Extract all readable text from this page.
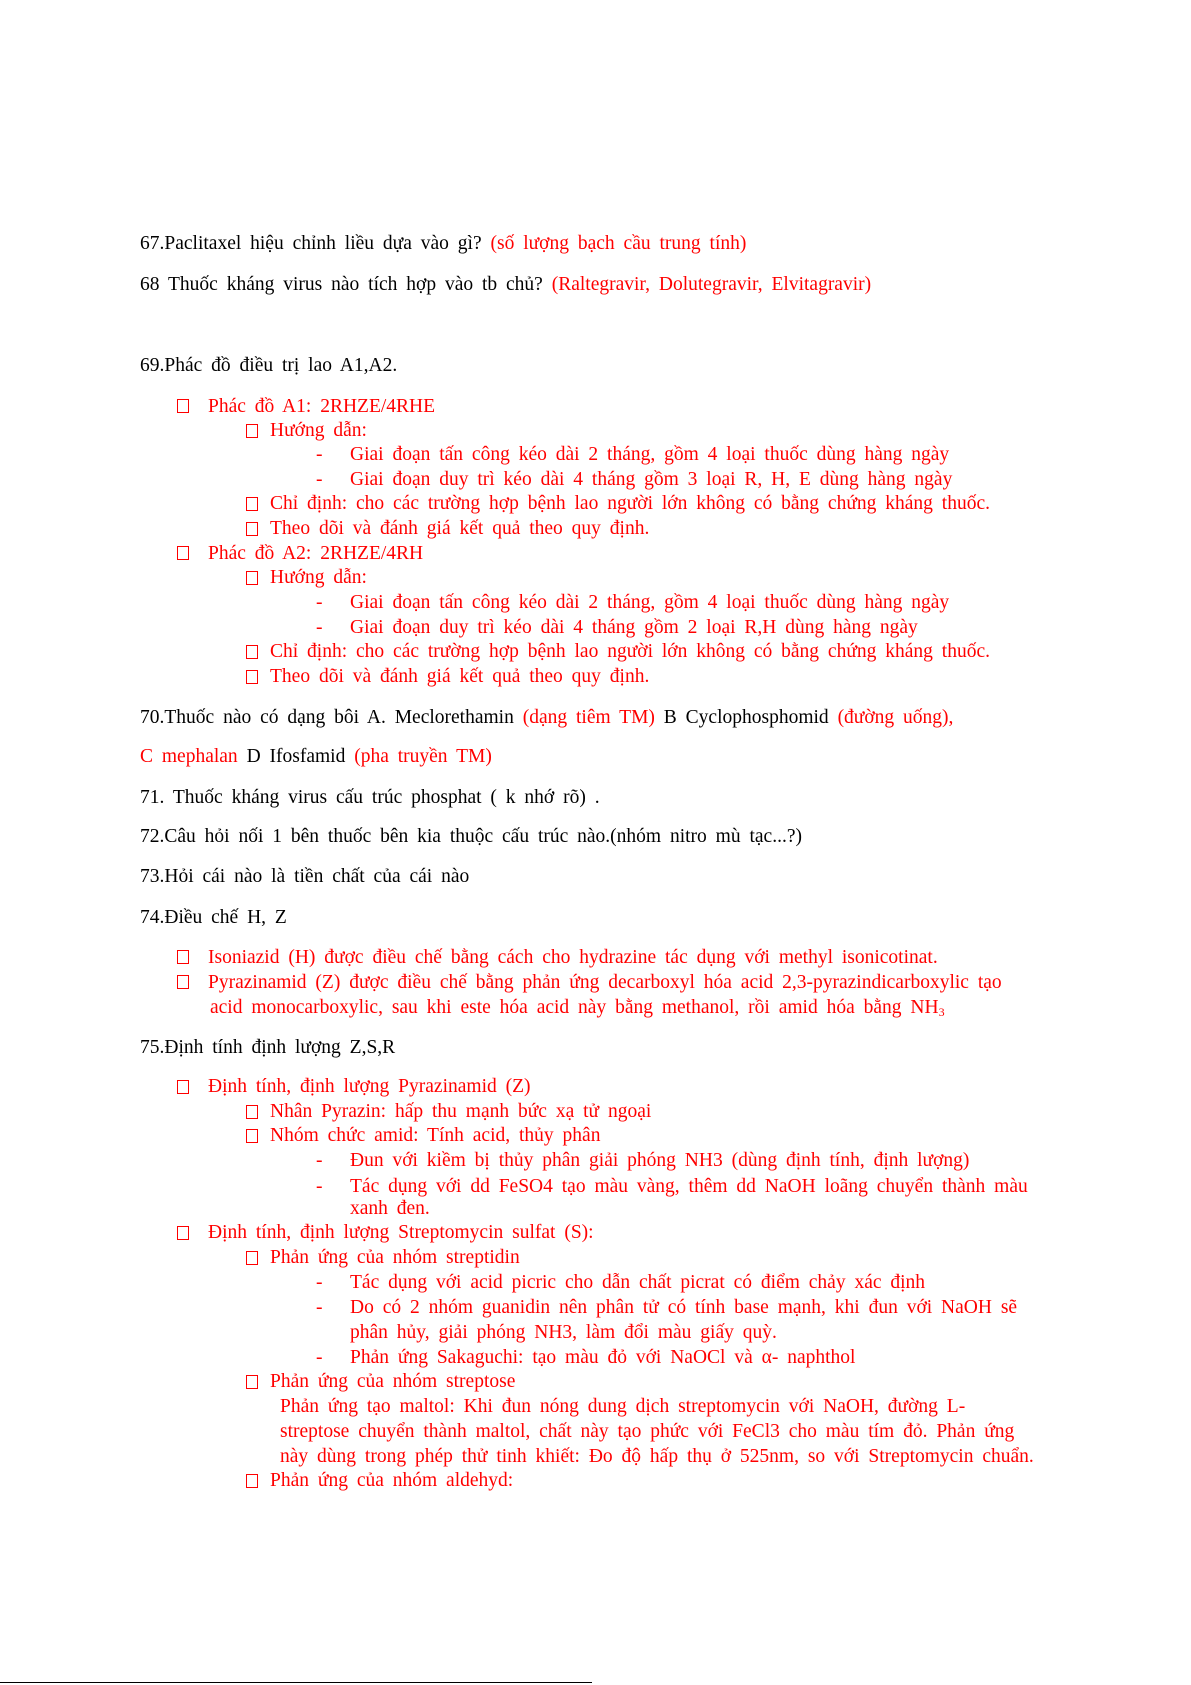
67.Paclitaxel hiệu chỉnh liều dựa vào gì? (số lượng bạch cầu trung tính)
68 Thuốc kháng virus nào tích hợp vào tb chủ? (Raltegravir, Dolutegravir, Elvitagravir)
69.Phác đồ điều trị lao A1,A2.
Phác đồ A1: 2RHZE/4RHE
Hướng dẫn:
- Giai đoạn tấn công kéo dài 2 tháng, gồm 4 loại thuốc dùng hàng ngày
- Giai đoạn duy trì kéo dài 4 tháng gồm 3 loại R, H, E dùng hàng ngày
Chỉ định: cho các trường hợp bệnh lao người lớn không có bằng chứng kháng thuốc.
Theo dõi và đánh giá kết quả theo quy định.
Phác đồ A2: 2RHZE/4RH
Hướng dẫn:
- Giai đoạn tấn công kéo dài 2 tháng, gồm 4 loại thuốc dùng hàng ngày
- Giai đoạn duy trì kéo dài 4 tháng gồm 2 loại R,H dùng hàng ngày
Chỉ định: cho các trường hợp bệnh lao người lớn không có bằng chứng kháng thuốc.
Theo dõi và đánh giá kết quả theo quy định.
70.Thuốc nào có dạng bôi A. Meclorethamin (dạng tiêm TM) B Cyclophosphomid (đường uống),
C mephalan D Ifosfamid (pha truyền TM)
71. Thuốc kháng virus cấu trúc phosphat ( k nhớ rõ) .
72.Câu hỏi nối 1 bên thuốc bên kia thuộc cấu trúc nào.(nhóm nitro mù tạc...?)
73.Hỏi cái nào là tiền chất của cái nào
74.Điều chế H, Z
Isoniazid (H) được điều chế bằng cách cho hydrazine tác dụng với methyl isonicotinat.
Pyrazinamid (Z) được điều chế bằng phản ứng decarboxyl hóa acid 2,3-pyrazindicarboxylic tạo
acid monocarboxylic, sau khi este hóa acid này bằng methanol, rồi amid hóa bằng $NH_3$
75.Định tính định lượng Z,S,R
Định tính, định lượng Pyrazinamid (Z)
Nhân Pyrazin: hấp thu mạnh bức xạ tử ngoại
Nhóm chức amid: Tính acid, thủy phân
- Đun với kiềm bị thủy phân giải phóng NH3 (dùng định tính, định lượng)
- Tác dụng với dd FeSO4 tạo màu vàng, thêm dd NaOH loãng chuyển thành màu
xanh đen.
Định tính, định lượng Streptomycin sulfat (S):
Phản ứng của nhóm streptidin
- Tác dụng với acid picric cho dẫn chất picrat có điểm chảy xác định
- Do có 2 nhóm guanidin nên phân tử có tính base mạnh, khi đun với NaOH sẽ
phân hủy, giải phóng NH3, làm đổi màu giấy quỳ.
- Phản ứng Sakaguchi: tạo màu đỏ với NaOCl và α- naphthol
Phản ứng của nhóm streptose
Phản ứng tạo maltol: Khi đun nóng dung dịch streptomycin với NaOH, đường L-
streptose chuyển thành maltol, chất này tạo phức với FeCl3 cho màu tím đỏ. Phản ứng
này dùng trong phép thử tinh khiết: Đo độ hấp thụ ở 525nm, so với Streptomycin chuẩn.
Phản ứng của nhóm aldehyd:
